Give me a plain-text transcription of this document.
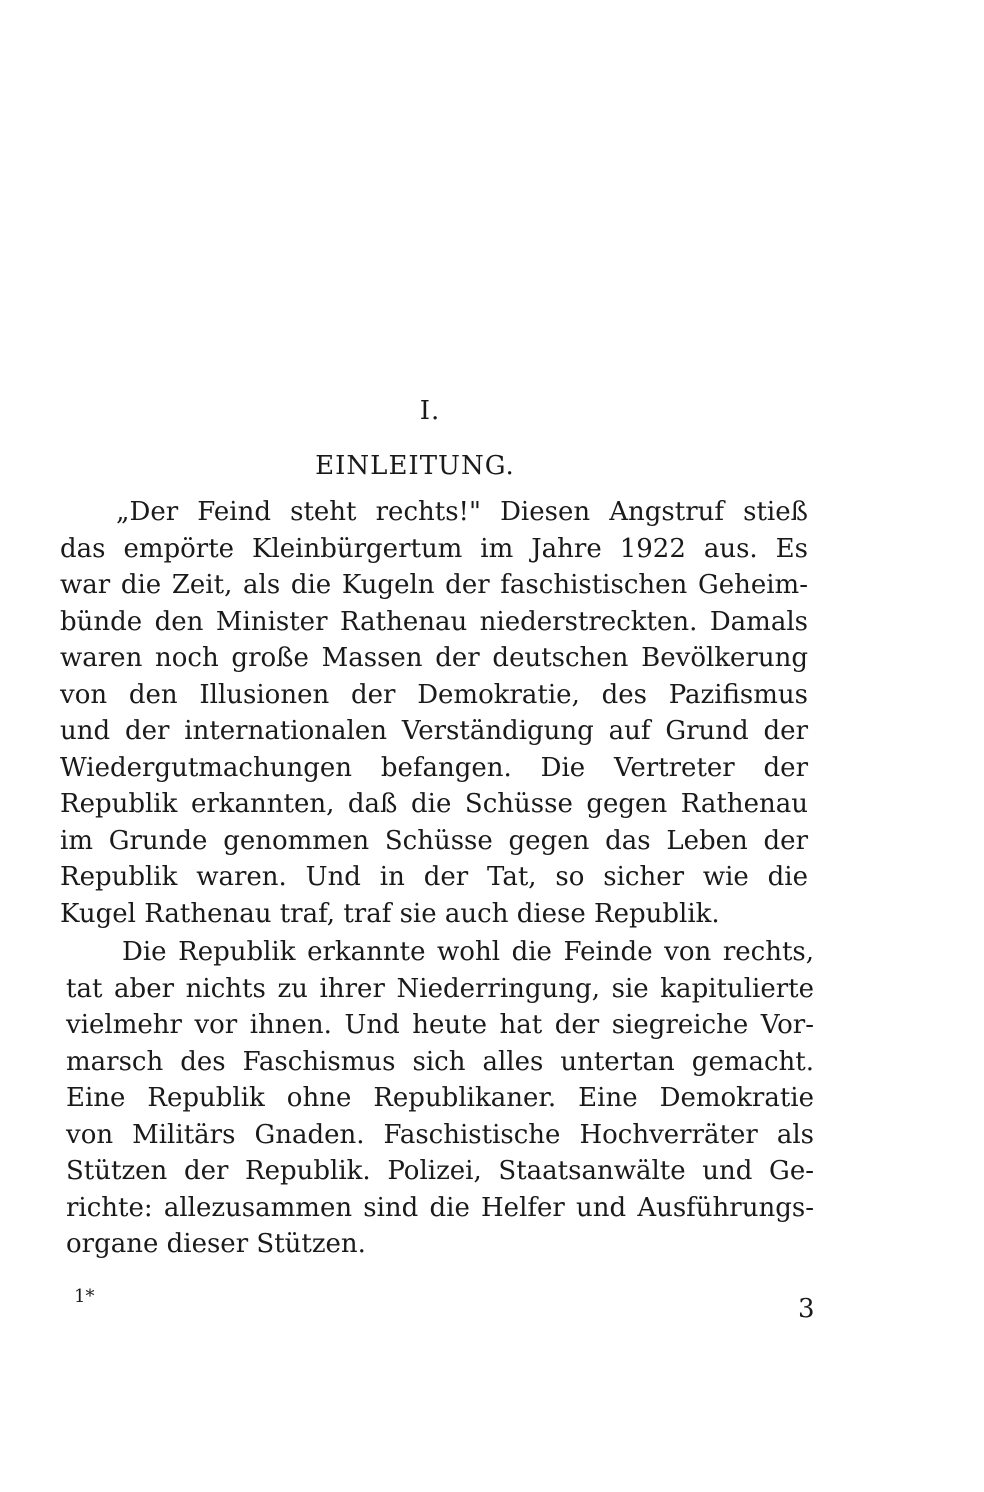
I.
EINLEITUNG.
„Der Feind steht rechts!" Diesen Angstruf stieß
das empörte Kleinbürgertum im Jahre 1922 aus. Es
war die Zeit, als die Kugeln der faschistischen Geheim-
bünde den Minister Rathenau niederstreckten. Damals
waren noch große Massen der deutschen Bevölkerung
von den Illusionen der Demokratie, des Pazifismus
und der internationalen Verständigung auf Grund der
Wiedergutmachungen befangen. Die Vertreter der
Republik erkannten, daß die Schüsse gegen Rathenau
im Grunde genommen Schüsse gegen das Leben der
Republik waren. Und in der Tat, so sicher wie die
Kugel Rathenau traf, traf sie auch diese Republik.
Die Republik erkannte wohl die Feinde von rechts,
tat aber nichts zu ihrer Niederringung, sie kapitulierte
vielmehr vor ihnen. Und heute hat der siegreiche Vor-
marsch des Faschismus sich alles untertan gemacht.
Eine Republik ohne Republikaner. Eine Demokratie
von Militärs Gnaden. Faschistische Hochverräter als
Stützen der Republik. Polizei, Staatsanwälte und Ge-
richte: allezusammen sind die Helfer und Ausführungs-
organe dieser Stützen.
1*	3
